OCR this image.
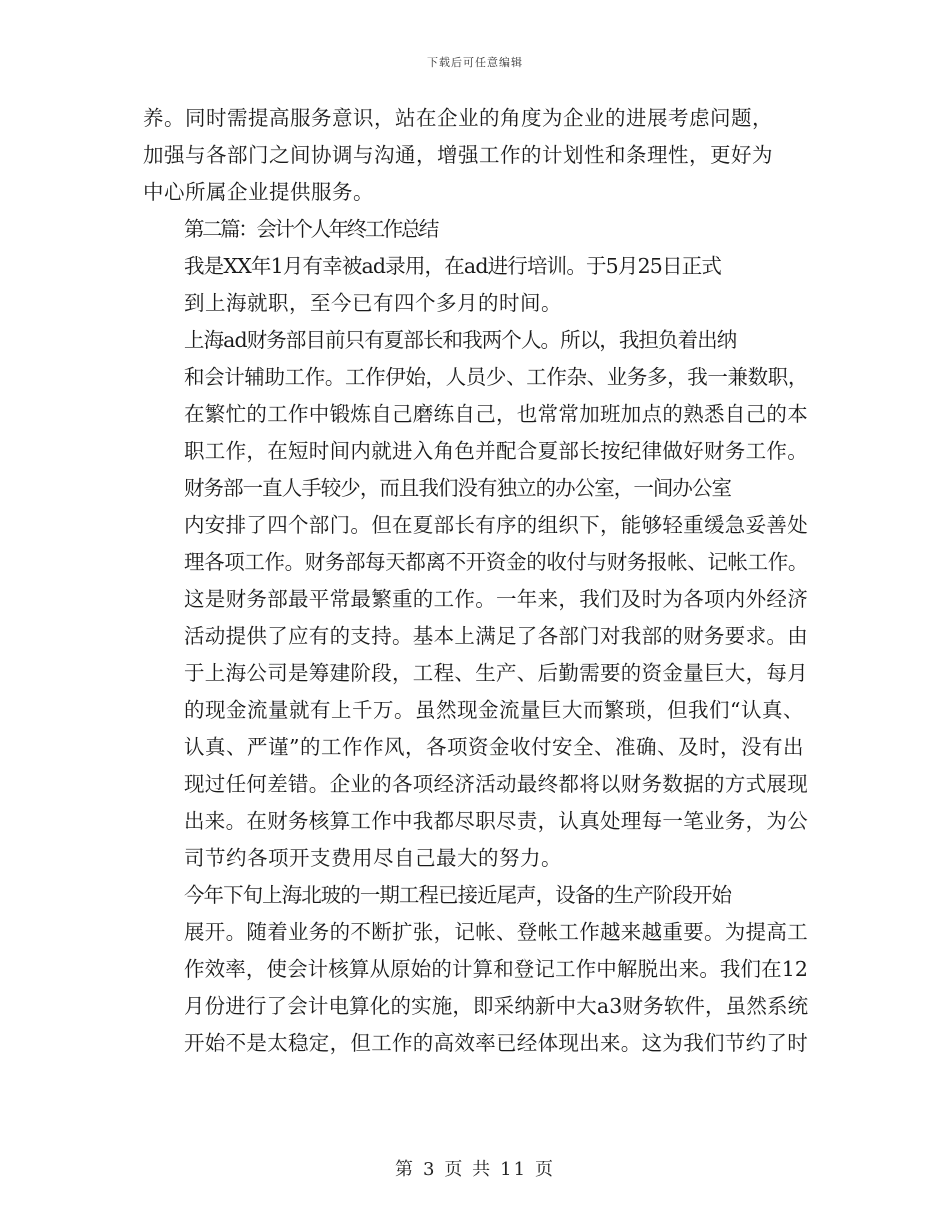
下载后可任意编辑

养。同时需提高服务意识，站在企业的角度为企业的进展考虑问题，
加强与各部门之间协调与沟通，增强工作的计划性和条理性，更好为
中心所属企业提供服务。

第二篇：会计个人年终工作总结

我是XX年1月有幸被ad录用，在ad进行培训。于5月25日正式
到上海就职，至今已有四个多月的时间。

上海ad财务部目前只有夏部长和我两个人。所以，我担负着出纳
和会计辅助工作。工作伊始，人员少、工作杂、业务多，我一兼数职，
在繁忙的工作中锻炼自己磨练自己，也常常加班加点的熟悉自己的本
职工作，在短时间内就进入角色并配合夏部长按纪律做好财务工作。

财务部一直人手较少，而且我们没有独立的办公室，一间办公室
内安排了四个部门。但在夏部长有序的组织下，能够轻重缓急妥善处
理各项工作。财务部每天都离不开资金的收付与财务报帐、记帐工作。
这是财务部最平常最繁重的工作。一年来，我们及时为各项内外经济
活动提供了应有的支持。基本上满足了各部门对我部的财务要求。由
于上海公司是筹建阶段，工程、生产、后勤需要的资金量巨大，每月
的现金流量就有上千万。虽然现金流量巨大而繁琐，但我们“认真、
认真、严谨”的工作作风，各项资金收付安全、准确、及时，没有出
现过任何差错。企业的各项经济活动最终都将以财务数据的方式展现
出来。在财务核算工作中我都尽职尽责，认真处理每一笔业务，为公
司节约各项开支费用尽自己最大的努力。

今年下旬上海北玻的一期工程已接近尾声，设备的生产阶段开始
展开。随着业务的不断扩张，记帐、登帐工作越来越重要。为提高工
作效率，使会计核算从原始的计算和登记工作中解脱出来。我们在12
月份进行了会计电算化的实施，即采纳新中大a3财务软件，虽然系统
开始不是太稳定，但工作的高效率已经体现出来。这为我们节约了时

第 3 页 共 11 页
